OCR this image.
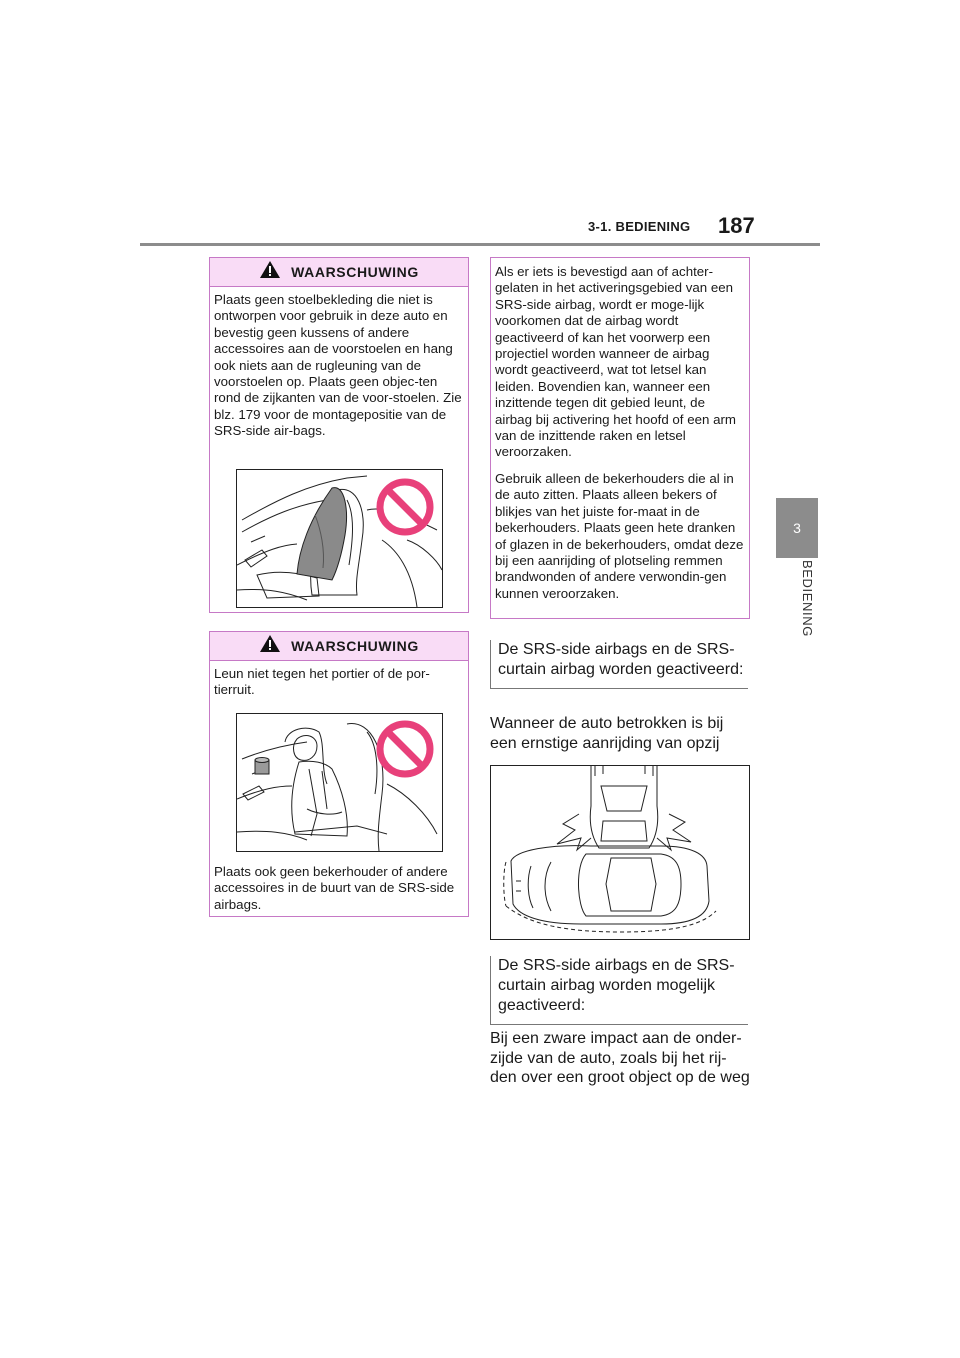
3-1. BEDIENING 187
3
BEDIENING
WAARSCHUWING
Plaats geen stoelbekleding die niet is ontworpen voor gebruik in deze auto en bevestig geen kussens of andere accessoires aan de voorstoelen en hang ook niets aan de rugleuning van de voorstoelen op. Plaats geen objec-ten rond de zijkanten van de voor-stoelen. Zie blz. 179 voor de montagepositie van de SRS-side air-bags.
WAARSCHUWING
Leun niet tegen het portier of de por-tierruit.
Plaats ook geen bekerhouder of andere accessoires in de buurt van de SRS-side airbags.
Als er iets is bevestigd aan of achter-gelaten in het activeringsgebied van een SRS-side airbag, wordt er moge-lijk voorkomen dat de airbag wordt geactiveerd of kan het voorwerp een projectiel worden wanneer de airbag wordt geactiveerd, wat tot letsel kan leiden. Bovendien kan, wanneer een inzittende tegen dit gebied leunt, de airbag bij activering het hoofd of een arm van de inzittende raken en letsel veroorzaken.
Gebruik alleen de bekerhouders die al in de auto zitten. Plaats alleen bekers of blikjes van het juiste for-maat in de bekerhouders. Plaats geen hete dranken of glazen in de bekerhouders, omdat deze bij een aanrijding of plotseling remmen brandwonden of andere verwondin-gen kunnen veroorzaken.
De SRS-side airbags en de SRS-curtain airbag worden geactiveerd:
Wanneer de auto betrokken is bij een ernstige aanrijding van opzij
De SRS-side airbags en de SRS-curtain airbag worden mogelijk geactiveerd:
Bij een zware impact aan de onder-zijde van de auto, zoals bij het rij-den over een groot object op de weg
